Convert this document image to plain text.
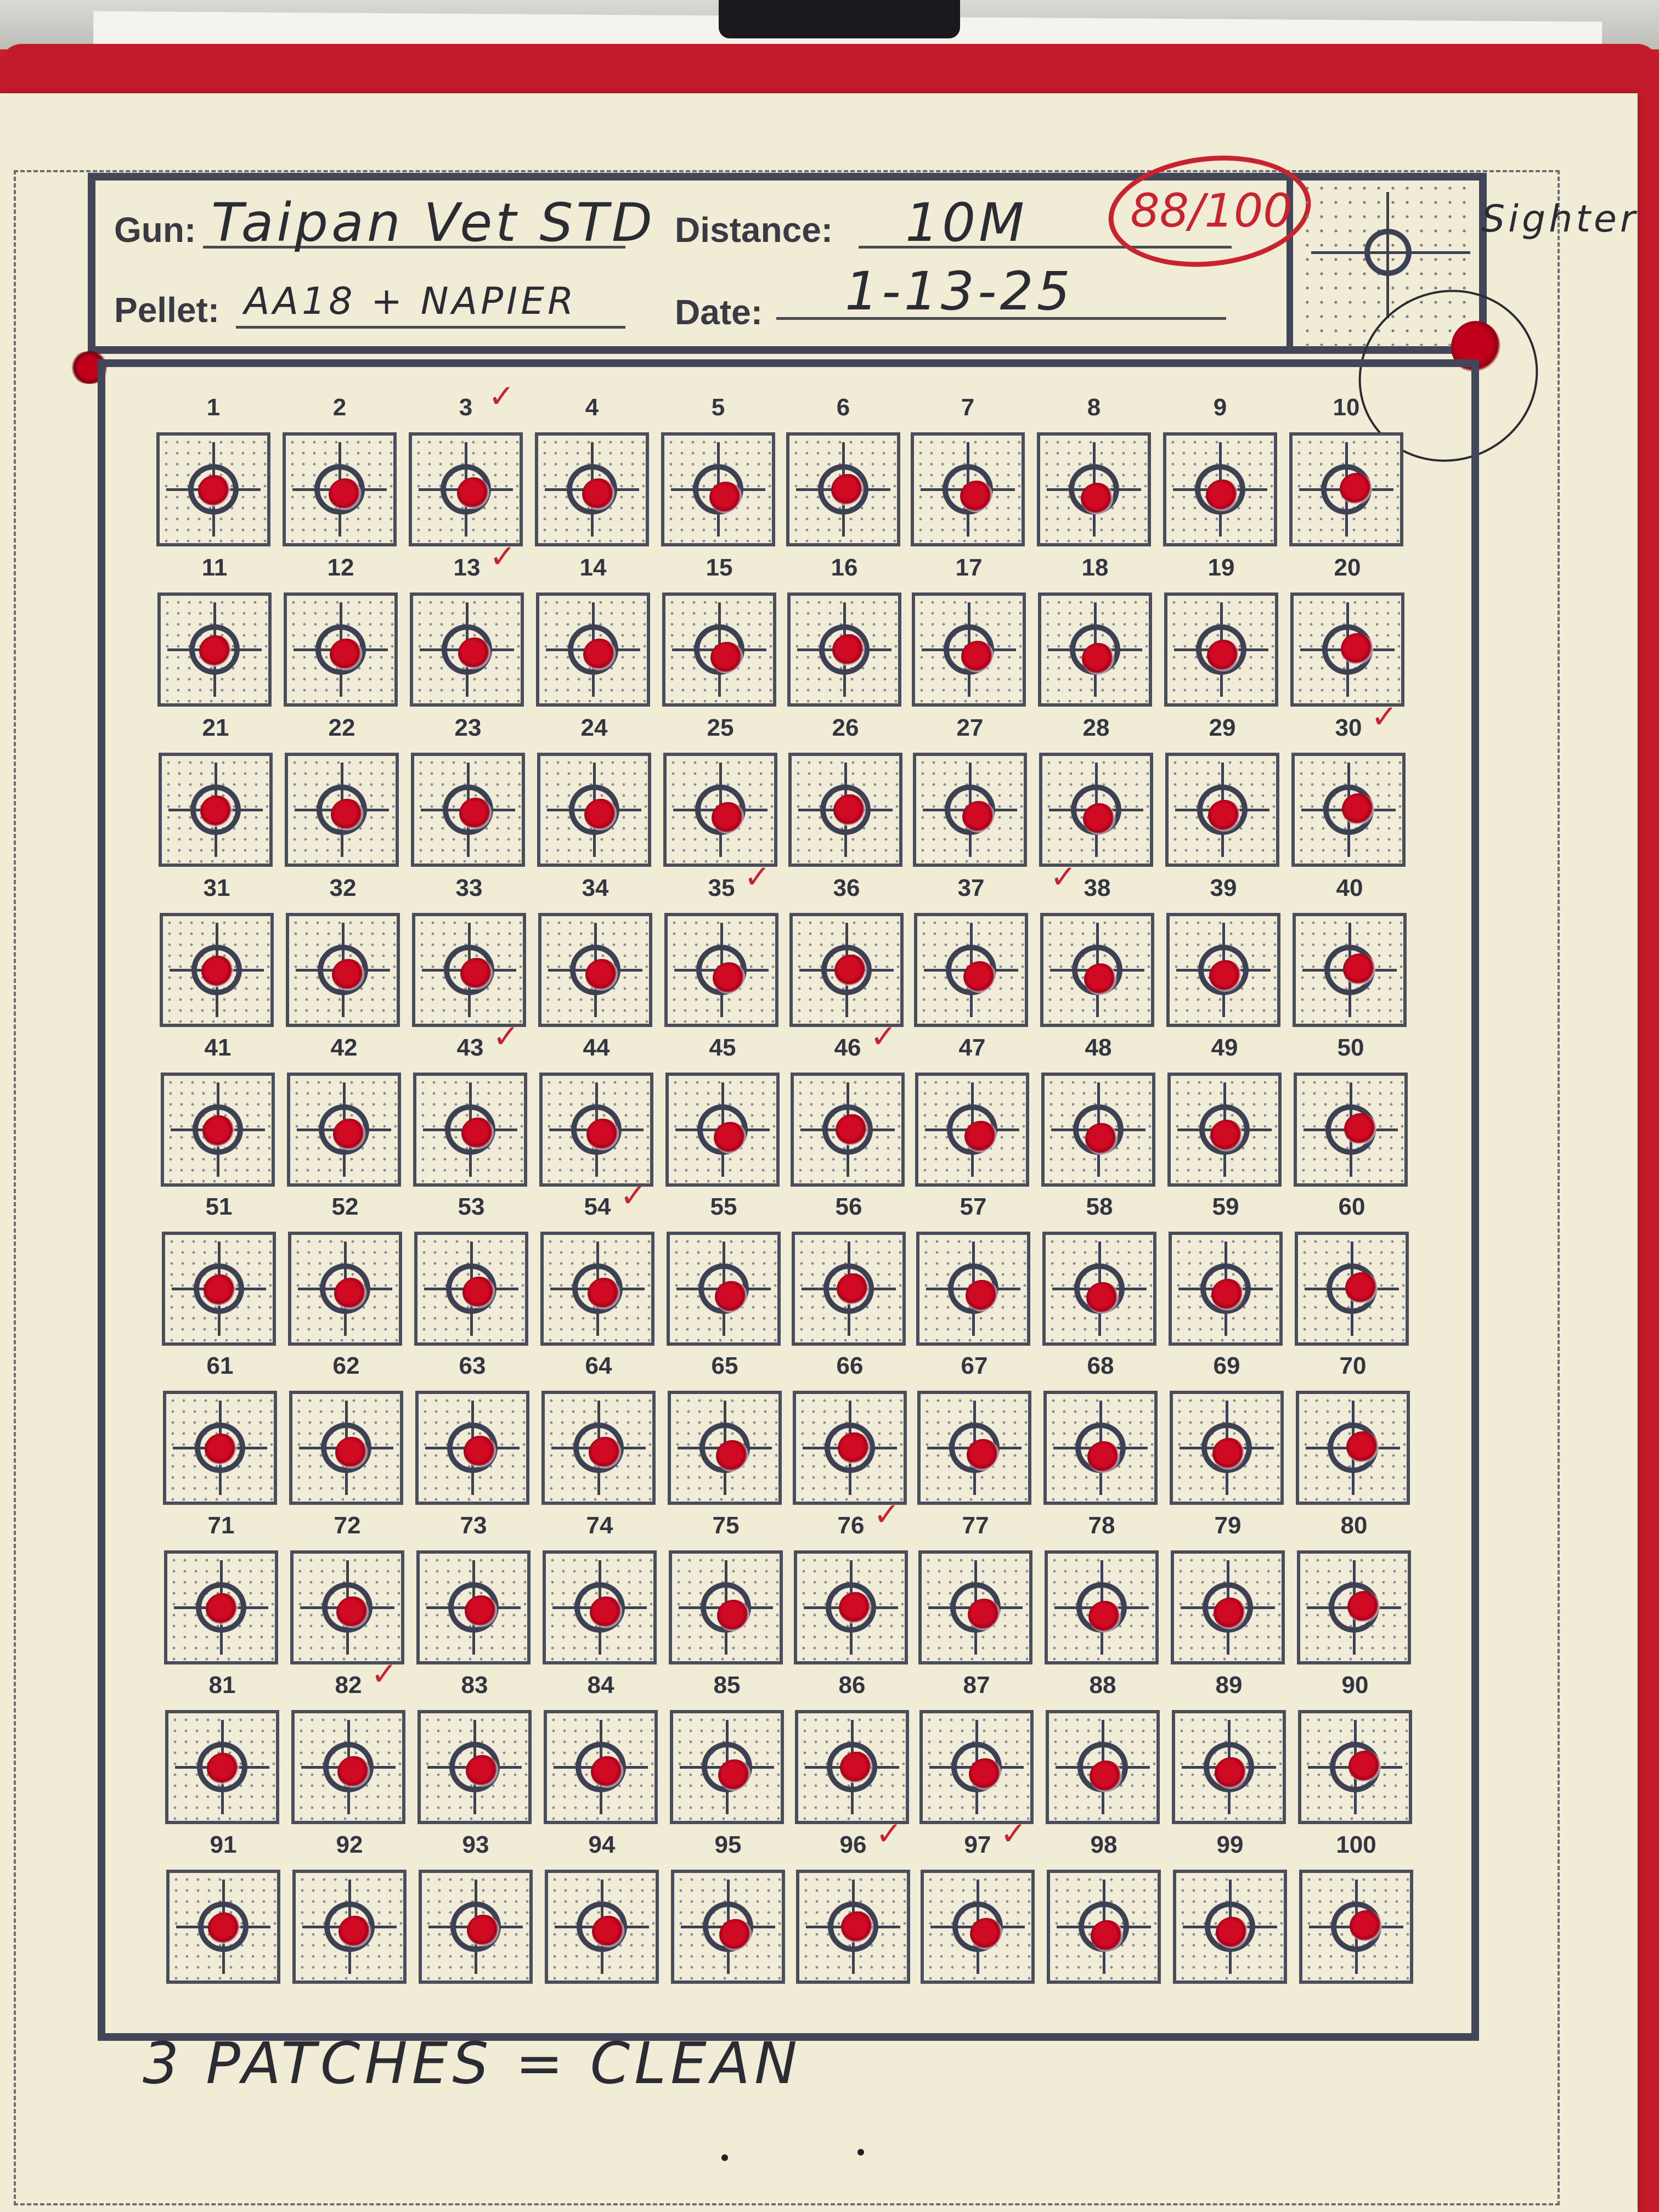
Gun: Taipan Vet STD
Pellet: AA18 + NAPIER
Distance: 10M
Date: 1-13-25
88/100	Sighter
1	2	3 ✓	4	5	6	7	8	9	10
11	12	13 ✓	14	15	16	17	18	19	20
21	22	23	24	25	26	27	28	29	30 ✓
31	32	33	34	35 ✓	36	37	38
✓	39	40
41	42	43 ✓	44	45	46 ✓	47	48	49	50
51	52	53	54 ✓	55	56	57	58	59	60
61	62	63	64	65	66	67	68	69	70
71	72	73	74	75	76 ✓	77	78	79	80
81	82 ✓	83	84	85	86	87	88	89	90
91	92	93	94	95	96 ✓	97 ✓	98	99	100
3 PATCHES = CLEAN
